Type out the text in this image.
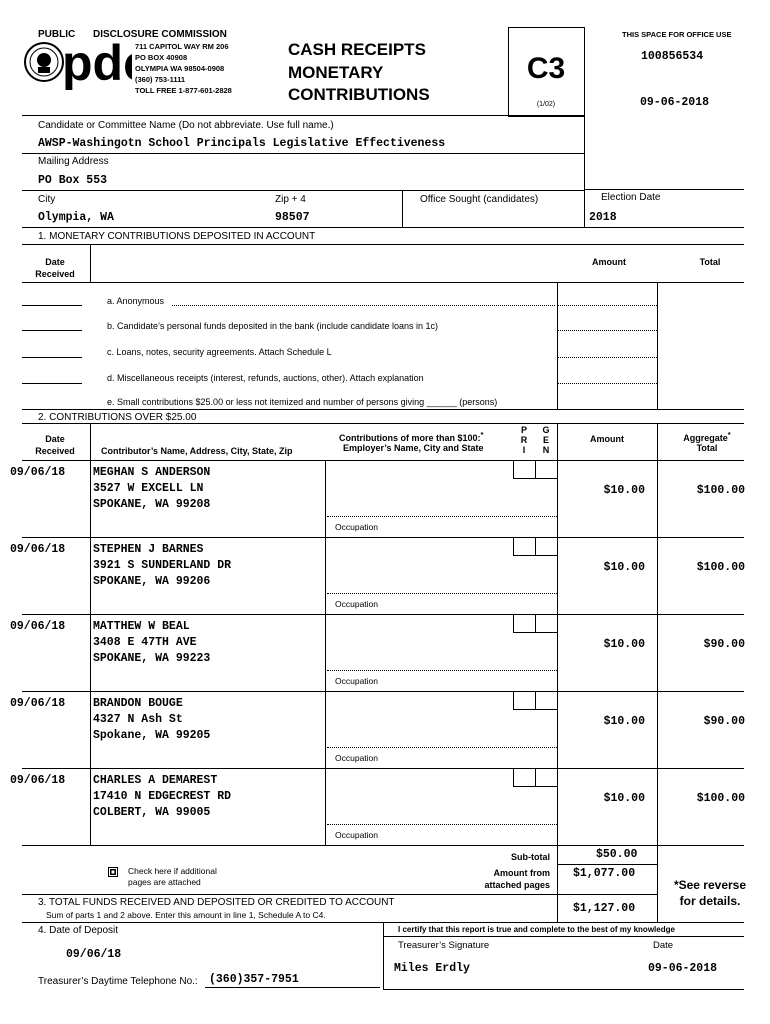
PUBLIC DISCLOSURE COMMISSION
pd	711 CAPITOL WAY RM 206
PO BOX 40908
OLYMPIA WA 98504-0908
(360) 753-1111
TOLL FREE 1-877-601-2828
CASH RECEIPTS
MONETARY
CONTRIBUTIONS
C3
(1/02)
THIS SPACE FOR OFFICE USE
100856534
09-06-2018
Candidate or Committee Name (Do not abbreviate. Use full name.)
AWSP-Washingotn School Principals Legislative Effectiveness
Mailing Address
PO Box 553
City
Olympia, WA
Zip + 4
98507
Office Sought (candidates)	Election Date
2018
1. MONETARY CONTRIBUTIONS DEPOSITED IN ACCOUNT
Date
Received
Amount	Total
a. Anonymous
b. Candidate’s personal funds deposited in the bank (include candidate loans in 1c)
c. Loans, notes, security agreements. Attach Schedule L
d. Miscellaneous receipts (interest, refunds, auctions, other). Attach explanation
e. Small contributions $25.00 or less not itemized and number of persons giving ______ (persons)
2. CONTRIBUTIONS OVER $25.00
Date
Received	Contributor’s Name, Address, City, State, Zip
Contributions of more than $100:*
Employer’s Name, City and State
P
R
I
G
E
N
Amount	Aggregate*
Total
09/06/18 MEGHAN S ANDERSON
3527 W EXCELL LN
SPOKANE, WA 99208
$10.00	$100.00
Occupation
09/06/18 STEPHEN J BARNES
3921 S SUNDERLAND DR
SPOKANE, WA 99206
$10.00	$100.00
Occupation
09/06/18 MATTHEW W BEAL
3408 E 47TH AVE
SPOKANE, WA 99223
$10.00	$90.00
Occupation
09/06/18 BRANDON BOUGE
4327 N Ash St
Spokane, WA 99205
$10.00	$90.00
Occupation
09/06/18 CHARLES A DEMAREST
17410 N EDGECREST RD
COLBERT, WA 99005
$10.00	$100.00
Occupation
Check here if additional
pages are attached
Sub-total	$50.00
Amount from
attached pages
$1,077.00
*See reverse
for details.
3. TOTAL FUNDS RECEIVED AND DEPOSITED OR CREDITED TO ACCOUNT
Sum of parts 1 and 2 above. Enter this amount in line 1, Schedule A to C4.	$1,127.00
4. Date of Deposit
09/06/18
Treasurer’s Daytime Telephone No.: (360)357-7951
I certify that this report is true and complete to the best of my knowledge
Treasurer’s Signature	Date
Miles Erdly	09-06-2018
